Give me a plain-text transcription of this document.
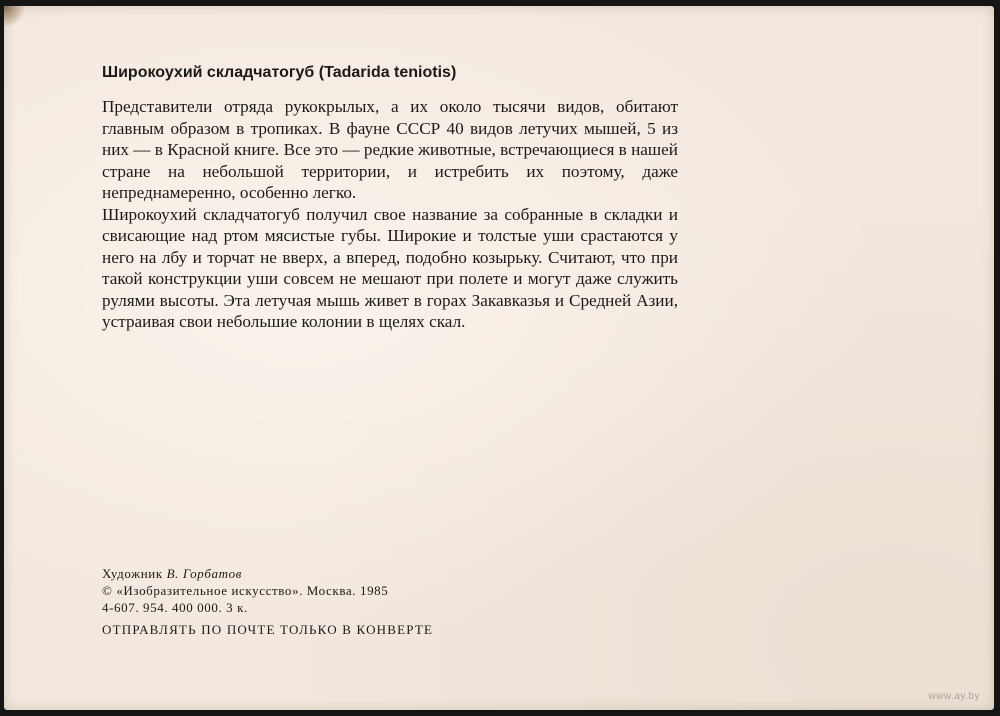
Широкоухий складчатогуб (Tadarida teniotis)

Представители отряда рукокрылых, а их около тысячи видов, обитают главным образом в тропиках. В фауне СССР 40 видов летучих мышей, 5 из них — в Красной книге. Все это — редкие животные, встречающиеся в нашей стране на небольшой территории, и истребить их поэтому, даже непреднамеренно, особенно легко.

Широкоухий складчатогуб получил свое название за собранные в складки и свисающие над ртом мясистые губы. Широкие и толстые уши срастаются у него на лбу и торчат не вверх, а вперед, подобно козырьку. Считают, что при такой конструкции уши совсем не мешают при полете и могут даже служить рулями высоты. Эта летучая мышь живет в горах Закавказья и Средней Азии, устраивая свои небольшие колонии в щелях скал.

Художник В. Горбатов
© «Изобразительное искусство». Москва. 1985
4-607. 954. 400 000. 3 к.
ОТПРАВЛЯТЬ ПО ПОЧТЕ ТОЛЬКО В КОНВЕРТЕ
www.ay.by
